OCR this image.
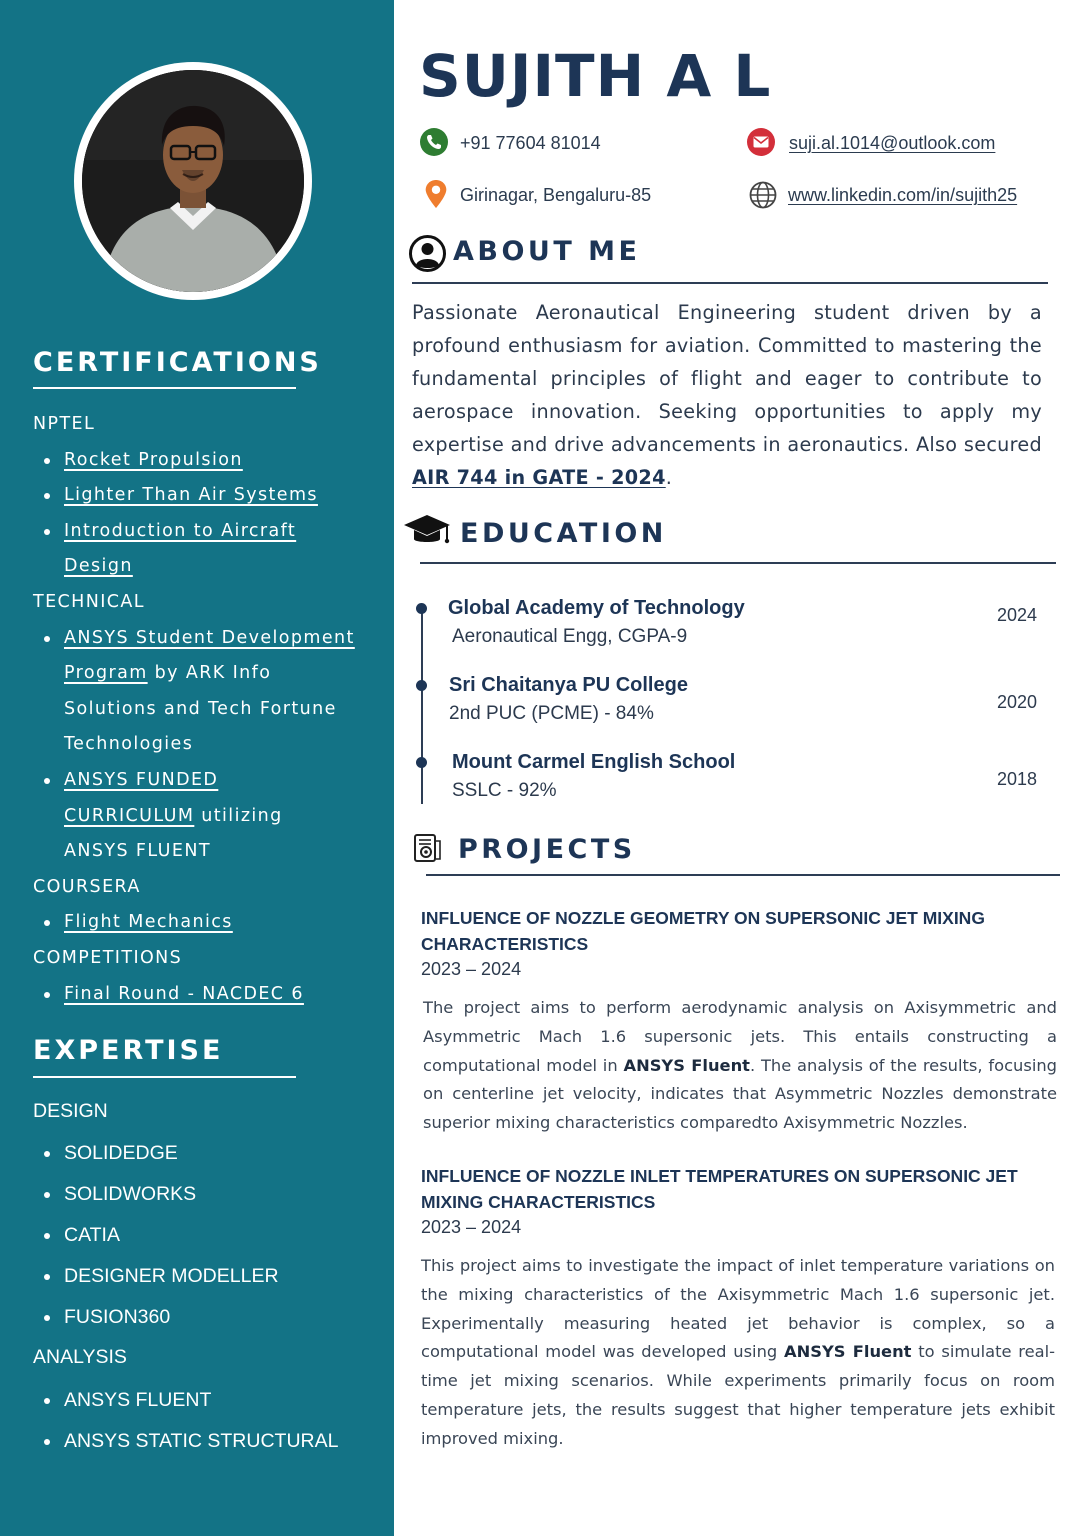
CERTIFICATIONS
NPTEL
Rocket Propulsion
Lighter Than Air Systems
Introduction to Aircraft
Design
TECHNICAL
ANSYS Student Development
Program by ARK Info
Solutions and Tech Fortune
Technologies
ANSYS FUNDED
CURRICULUM utilizing
ANSYS FLUENT
COURSERA
Flight Mechanics
COMPETITIONS
Final Round - NACDEC 6
EXPERTISE
DESIGN
SOLIDEDGE
SOLIDWORKS
CATIA
DESIGNER MODELLER
FUSION360
ANALYSIS
ANSYS FLUENT
ANSYS STATIC STRUCTURAL
SUJITH A L
+91 77604 81014	suji.al.1014@outlook.com
Girinagar, Bengaluru-85	www.linkedin.com/in/sujith25
ABOUT ME
Passionate Aeronautical Engineering student driven by a profound enthusiasm for aviation. Committed to mastering the fundamental principles of flight and eager to contribute to aerospace innovation. Seeking opportunities to apply my expertise and drive advancements in aeronautics. Also secured AIR 744 in GATE - 2024.
EDUCATION
Global Academy of Technology
Aeronautical Engg, CGPA-9
2024
Sri Chaitanya PU College
2nd PUC (PCME) - 84%
2020
Mount Carmel English School
SSLC - 92%
2018
PROJECTS
INFLUENCE OF NOZZLE GEOMETRY ON SUPERSONIC JET MIXING CHARACTERISTICS
2023 – 2024
The project aims to perform aerodynamic analysis on Axisymmetric and Asymmetric Mach 1.6 supersonic jets. This entails constructing a computational model in ANSYS Fluent. The analysis of the results, focusing on centerline jet velocity, indicates that Asymmetric Nozzles demonstrate superior mixing characteristics comparedto Axisymmetric Nozzles.
INFLUENCE OF NOZZLE INLET TEMPERATURES ON SUPERSONIC JET MIXING CHARACTERISTICS
2023 – 2024
This project aims to investigate the impact of inlet temperature variations on the mixing characteristics of the Axisymmetric Mach 1.6 supersonic jet. Experimentally measuring heated jet behavior is complex, so a computational model was developed using ANSYS Fluent to simulate real-time jet mixing scenarios. While experiments primarily focus on room temperature jets, the results suggest that higher temperature jets exhibit improved mixing.
